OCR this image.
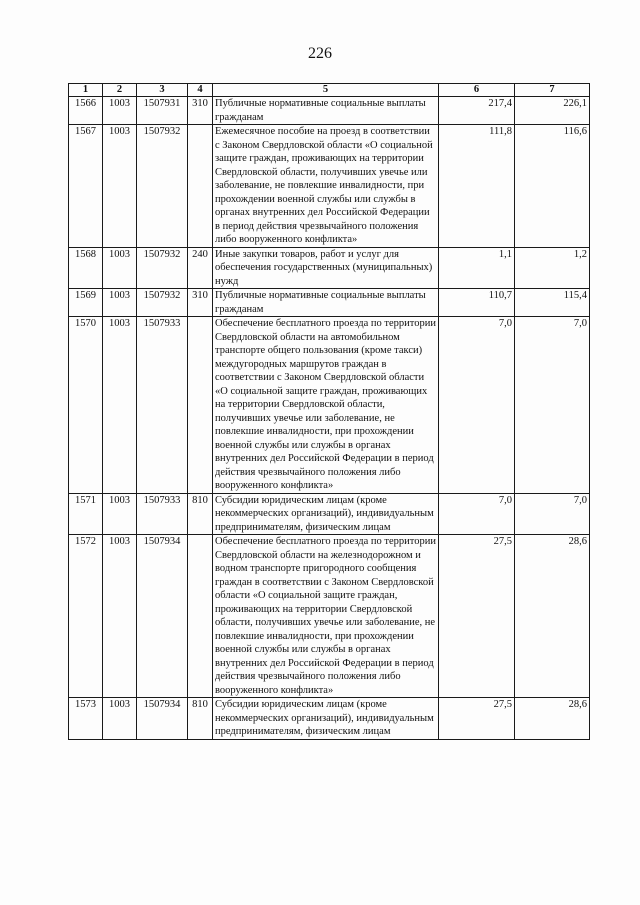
226
1	2	3	4	5	6	7
1566	1003	1507931	310	Публичные нормативные социальные выплаты гражданам	217,4	226,1
1567	1003	1507932		Ежемесячное пособие на проезд в соответствии с Законом Свердловской области «О социальной защите граждан, проживающих на территории Свердловской области, получивших увечье или заболевание, не повлекшие инвалидности, при прохождении военной службы или службы в органах внутренних дел Российской Федерации в период действия чрезвычайного положения либо вооруженного конфликта»	111,8	116,6
1568	1003	1507932	240	Иные закупки товаров, работ и услуг для обеспечения государственных (муниципальных) нужд	1,1	1,2
1569	1003	1507932	310	Публичные нормативные социальные выплаты гражданам	110,7	115,4
1570	1003	1507933		Обеспечение бесплатного проезда по территории Свердловской области на автомобильном транспорте общего пользования (кроме такси) междугородных маршрутов граждан в соответствии с Законом Свердловской области «О социальной защите граждан, проживающих на территории Свердловской области, получивших увечье или заболевание, не повлекшие инвалидности, при прохождении военной службы или службы в органах внутренних дел Российской Федерации в период действия чрезвычайного положения либо вооруженного конфликта»	7,0	7,0
1571	1003	1507933	810	Субсидии юридическим лицам (кроме некоммерческих организаций), индивидуальным предпринимателям, физическим лицам	7,0	7,0
1572	1003	1507934		Обеспечение бесплатного проезда по территории Свердловской области на железнодорожном и водном транспорте пригородного сообщения граждан в соответствии с Законом Свердловской области «О социальной защите граждан, проживающих на территории Свердловской области, получивших увечье или заболевание, не повлекшие инвалидности, при прохождении военной службы или службы в органах внутренних дел Российской Федерации в период действия чрезвычайного положения либо вооруженного конфликта»	27,5	28,6
1573	1003	1507934	810	Субсидии юридическим лицам (кроме некоммерческих организаций), индивидуальным предпринимателям, физическим лицам	27,5	28,6
